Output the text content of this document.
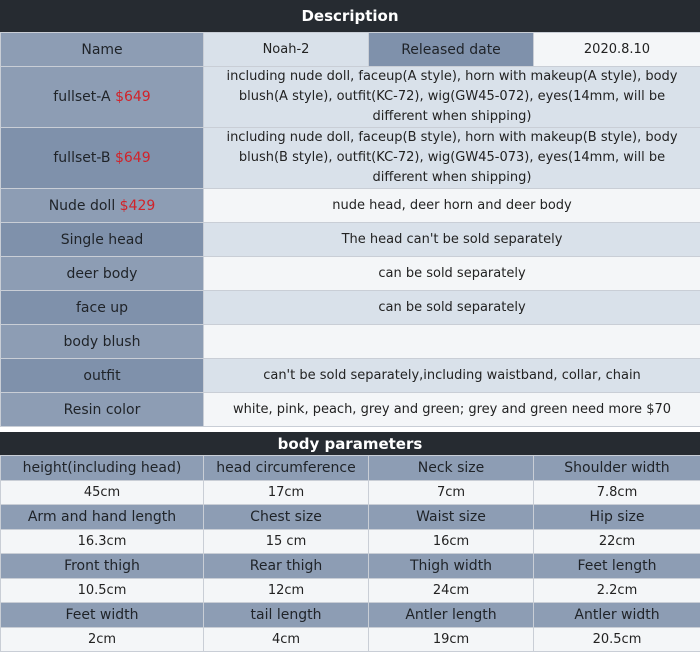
Description
Name	Noah-2	Released date	2020.8.10
fullset-A $649	including nude doll, faceup(A style), horn with makeup(A style), body blush(A style), outfit(KC-72), wig(GW45-072), eyes(14mm, will be different when shipping)		
fullset-B $649	including nude doll, faceup(B style), horn with makeup(B style), body blush(B style), outfit(KC-72), wig(GW45-073), eyes(14mm, will be different when shipping)		
Nude doll $429	nude head, deer horn and deer body		
Single head	The head can't be sold separately		
deer body	can be sold separately		
face up	can be sold separately		
body blush			
outfit	can't be sold separately,including waistband, collar, chain		
Resin color	white, pink, peach, grey and green; grey and green need more $70		
body parameters
height(including head)	head circumference	Neck size	Shoulder width
45cm	17cm	7cm	7.8cm
Arm and hand length	Chest size	Waist size	Hip size
16.3cm	15 cm	16cm	22cm
Front thigh	Rear thigh	Thigh width	Feet length
10.5cm	12cm	24cm	2.2cm
Feet width	tail length	Antler length	Antler width
2cm	4cm	19cm	20.5cm
